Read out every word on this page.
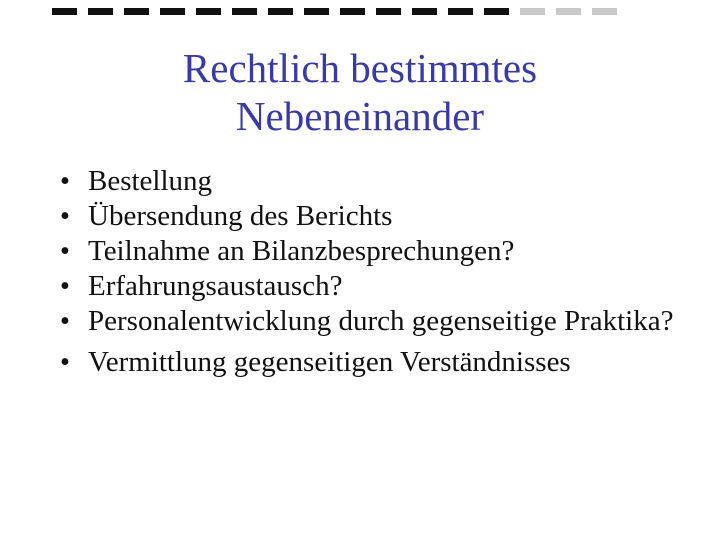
Rechtlich bestimmtes
Nebeneinander
• Bestellung
• Übersendung des Berichts
• Teilnahme an Bilanzbesprechungen?
• Erfahrungsaustausch?
• Personalentwicklung durch gegenseitige Praktika?
• Vermittlung gegenseitigen Verständnisses
